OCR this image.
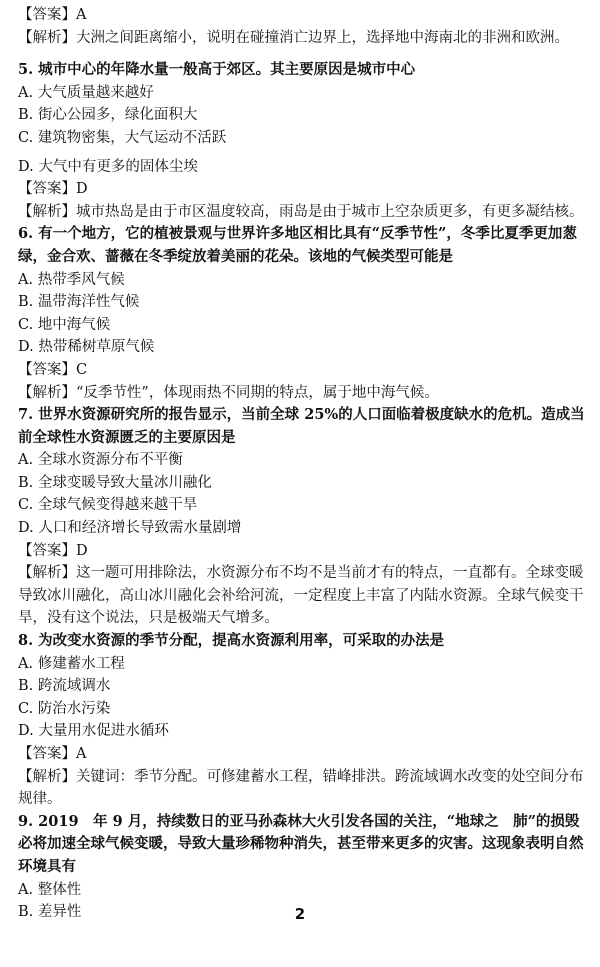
【答案】A
【解析】大洲之间距离缩小，说明在碰撞消亡边界上，选择地中海南北的非洲和欧洲。
5. 城市中心的年降水量一般高于郊区。其主要原因是城市中心
A. 大气质量越来越好
B. 街心公园多，绿化面积大
C. 建筑物密集，大气运动不活跃
D. 大气中有更多的固体尘埃
【答案】D
【解析】城市热岛是由于市区温度较高，雨岛是由于城市上空杂质更多，有更多凝结核。
6. 有一个地方，它的植被景观与世界许多地区相比具有“反季节性”，冬季比夏季更加葱绿，金合欢、蔷薇在冬季绽放着美丽的花朵。该地的气候类型可能是
A. 热带季风气候
B. 温带海洋性气候
C. 地中海气候
D. 热带稀树草原气候
【答案】C
【解析】“反季节性”，体现雨热不同期的特点，属于地中海气候。
7. 世界水资源研究所的报告显示，当前全球 25%的人口面临着极度缺水的危机。造成当前全球性水资源匮乏的主要原因是
A. 全球水资源分布不平衡
B. 全球变暖导致大量冰川融化
C. 全球气候变得越来越干旱
D. 人口和经济增长导致需水量剧增
【答案】D
【解析】这一题可用排除法，水资源分布不均不是当前才有的特点，一直都有。全球变暖导致冰川融化，高山冰川融化会补给河流，一定程度上丰富了内陆水资源。全球气候变干旱，没有这个说法，只是极端天气增多。
8. 为改变水资源的季节分配，提高水资源利用率，可采取的办法是
A. 修建蓄水工程
B. 跨流域调水
C. 防治水污染
D. 大量用水促进水循环
【答案】A
【解析】关键词：季节分配。可修建蓄水工程，错峰排洪。跨流域调水改变的处空间分布规律。
9. 2019　年 9 月，持续数日的亚马孙森林大火引发各国的关注，“地球之　肺”的损毁必将加速全球气候变暖，导致大量珍稀物种消失，甚至带来更多的灾害。这现象表明自然环境具有
A. 整体性
B. 差异性	2
